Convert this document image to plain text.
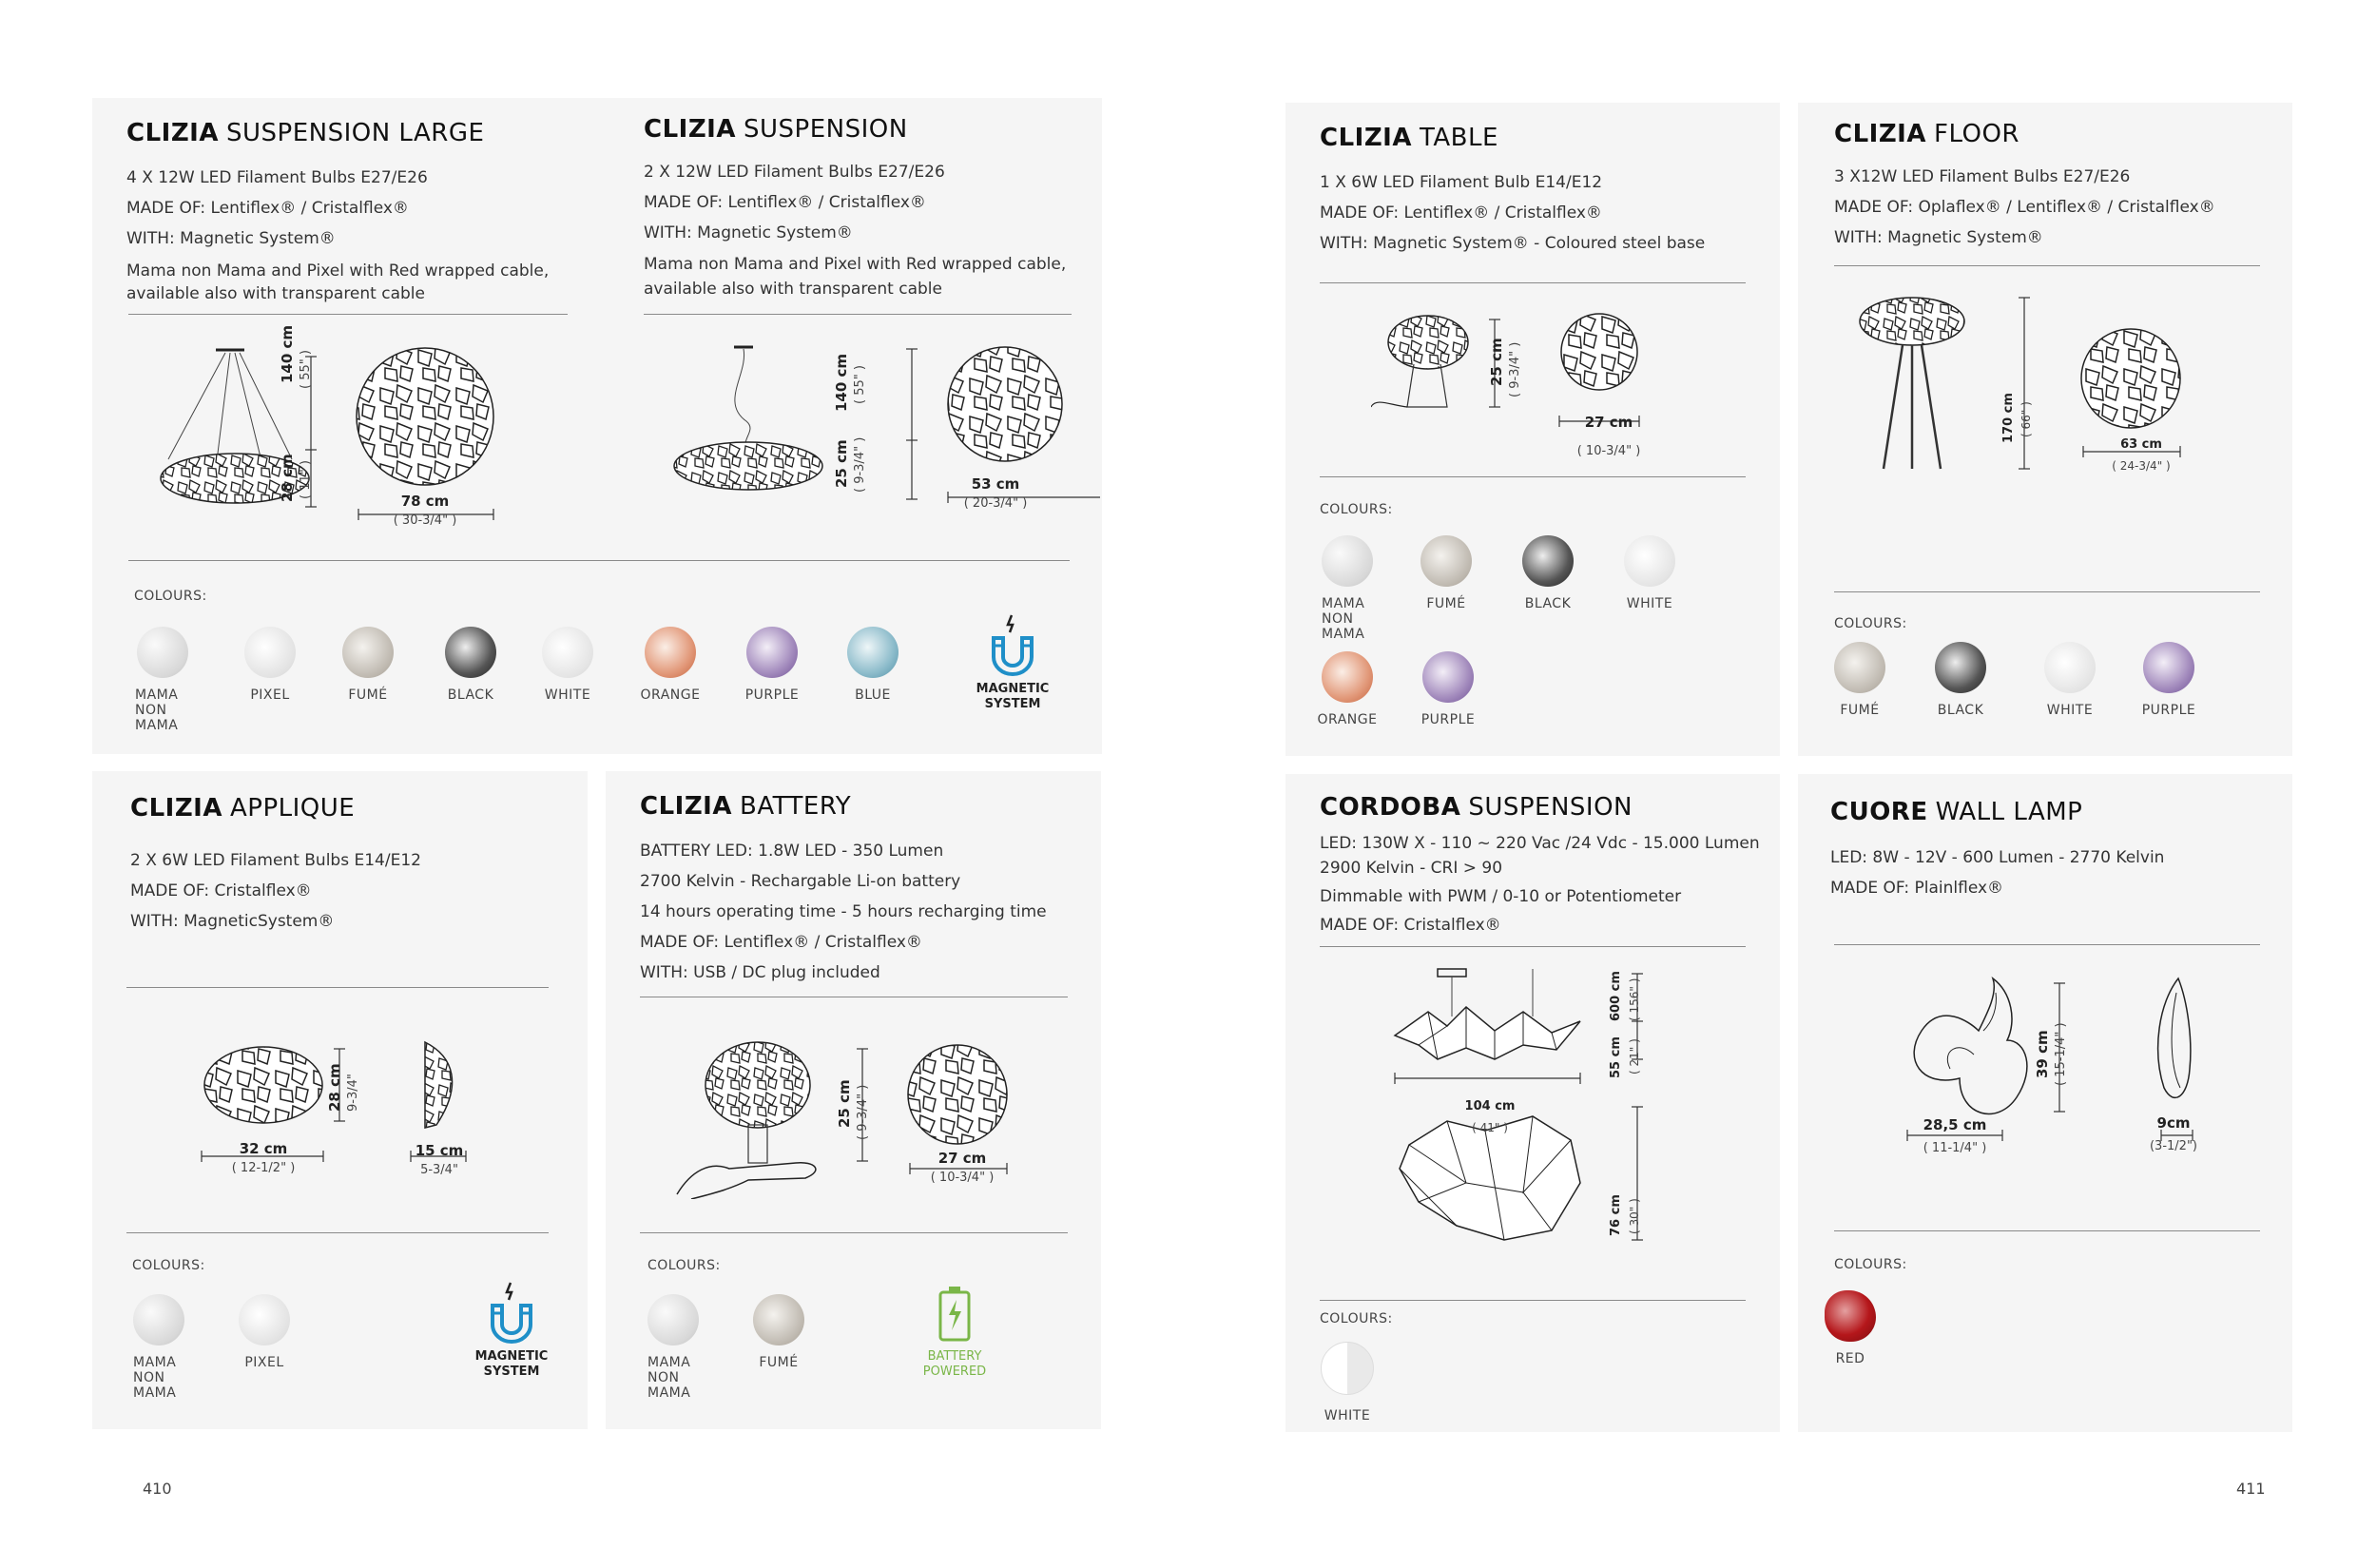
CLIZIA SUSPENSION LARGE
4 X 12W LED Filament Bulbs E27/E26
MADE OF: Lentiflex® / Cristalflex®
WITH: Magnetic System®
Mama non Mama and Pixel with Red wrapped cable,
available also with transparent cable
CLIZIA SUSPENSION
2 X 12W LED Filament Bulbs E27/E26
MADE OF: Lentiflex® / Cristalflex®
WITH: Magnetic System®
Mama non Mama and Pixel with Red wrapped cable,
available also with transparent cable
140 cm ( 55" )
28 cm ( 11" )
78 cm
( 30-3/4" )
140 cm ( 55" )
25 cm ( 9-3/4" )	53 cm
( 20-3/4" )
COLOURS:
MAMA NON MAMA
PIXEL	FUMÉ	BLACK	WHITE	ORANGE	PURPLE	BLUE	MAGNETIC SYSTEM
CLIZIA APPLIQUE
2 X 6W LED Filament Bulbs E14/E12
MADE OF: Cristalflex®
WITH: MagneticSystem®
28 cm 9-3/4"
32 cm
( 12-1/2" )
15 cm
5-3/4"
COLOURS:
MAMA NON MAMA
PIXEL	MAGNETIC SYSTEM
CLIZIA BATTERY
BATTERY LED: 1.8W LED - 350 Lumen
2700 Kelvin - Rechargable Li-on battery
14 hours operating time - 5 hours recharging time
MADE OF: Lentiflex® / Cristalflex®
WITH: USB / DC plug included
25 cm ( 9-3/4" )
27 cm
( 10-3/4" )
COLOURS:
MAMA NON MAMA
FUMÉ	BATTERY POWERED
410
CLIZIA TABLE
1 X 6W LED Filament Bulb E14/E12
MADE OF: Lentiflex® / Cristalflex®
WITH: Magnetic System® - Coloured steel base
25 cm ( 9-3/4" )
27 cm
( 10-3/4" )
COLOURS:
MAMA NON MAMA
FUMÉ	BLACK	WHITE
ORANGE	PURPLE
CLIZIA FLOOR
3 X12W LED Filament Bulbs E27/E26
MADE OF: Oplaflex® / Lentiflex® / Cristalflex®
WITH: Magnetic System®
170 cm ( 66" )
63 cm
( 24-3/4" )
COLOURS:
FUMÉ	BLACK	WHITE	PURPLE
CORDOBA SUSPENSION
LED: 130W X - 110 ~ 220 Vac /24 Vdc - 15.000 Lumen
2900 Kelvin - CRI > 90
Dimmable with PWM / 0-10 or Potentiometer
MADE OF: Cristalflex®
600 cm ( 156" )
55 cm ( 21" )
104 cm
( 41" )
76 cm ( 30" )
COLOURS:
WHITE
CUORE WALL LAMP
LED: 8W - 12V - 600 Lumen - 2770 Kelvin
MADE OF: Plainlflex®
39 cm ( 15-1/4" )
28,5 cm
( 11-1/4" )
9cm
(3-1/2")
COLOURS:
RED
411
